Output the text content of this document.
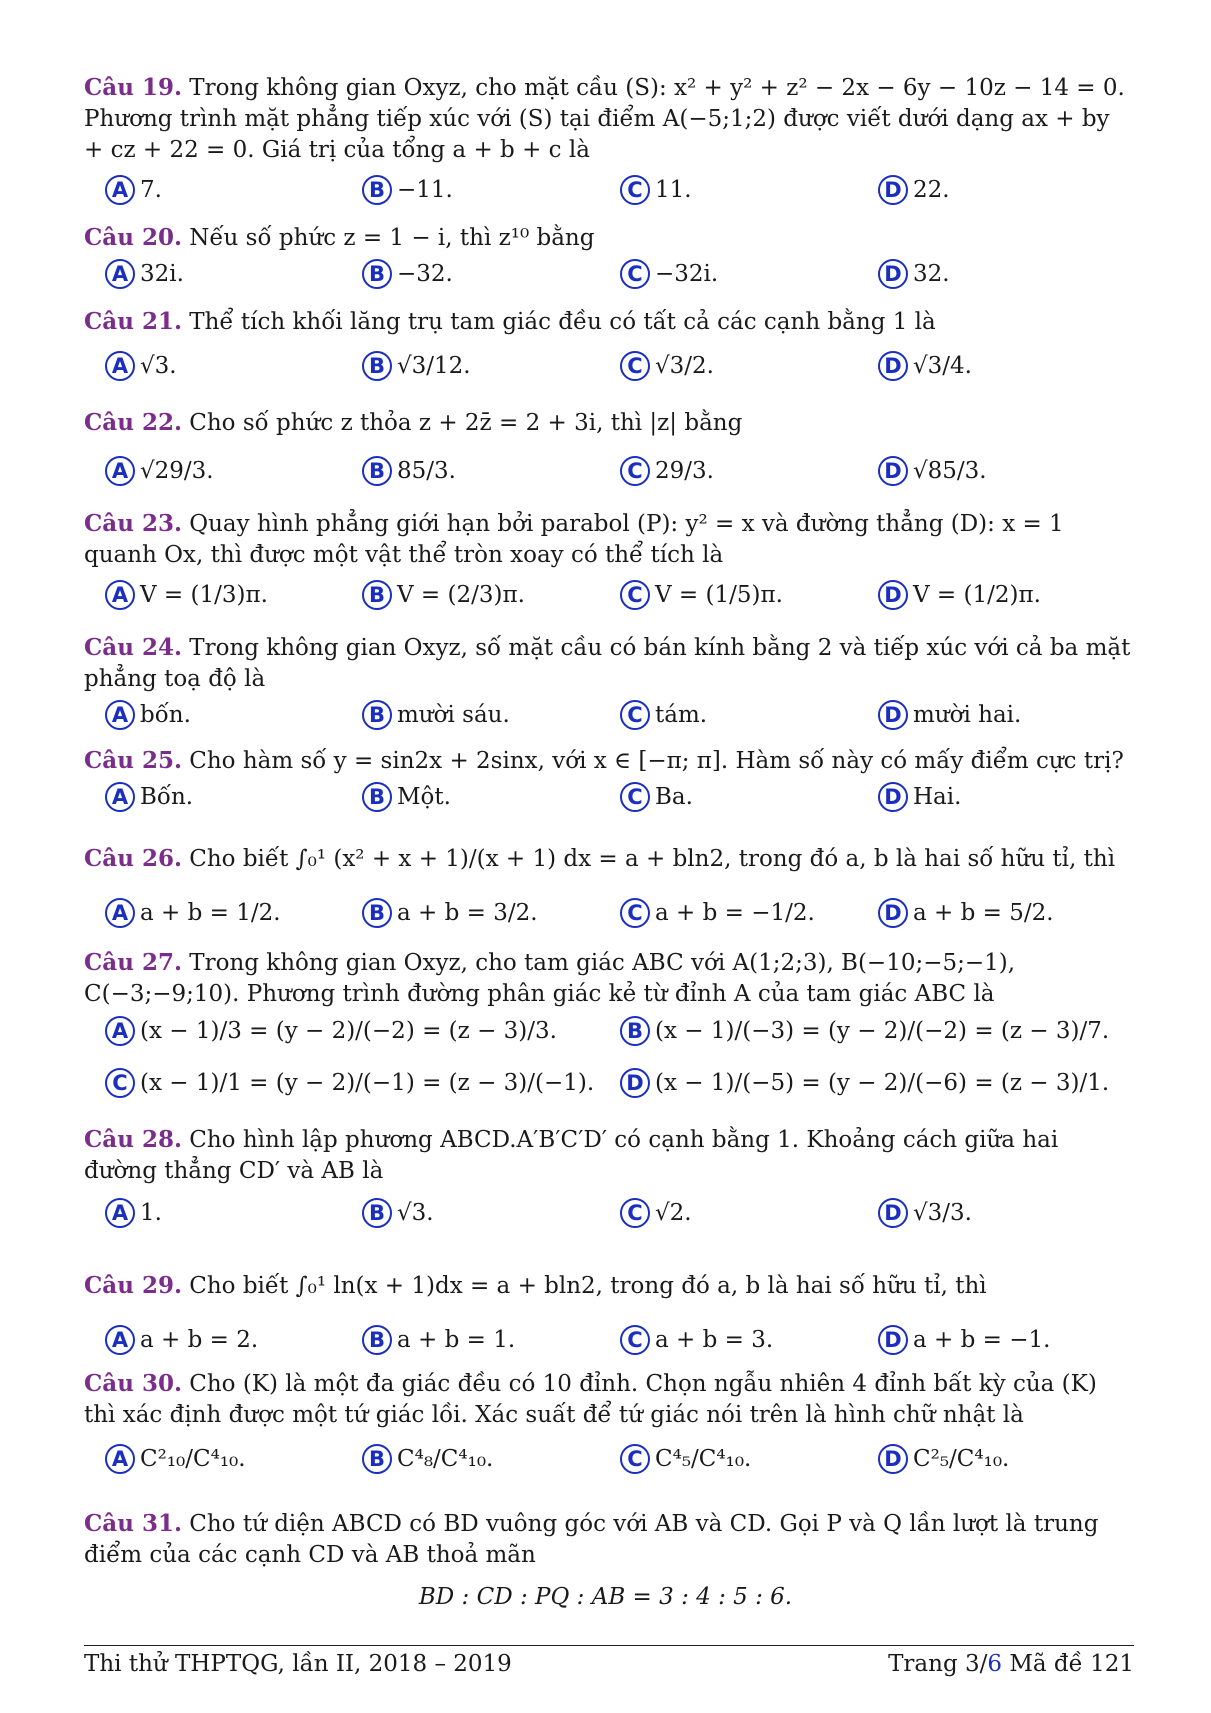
Câu 19. Trong không gian Oxyz, cho mặt cầu (S): x² + y² + z² − 2x − 6y − 10z − 14 = 0. Phương trình mặt phẳng tiếp xúc với (S) tại điểm A(−5;1;2) được viết dưới dạng ax + by + cz + 22 = 0. Giá trị của tổng a + b + c là
A 7.	B −11.	C 11.	D 22.
Câu 20. Nếu số phức z = 1 − i, thì z¹⁰ bằng
A 32i.	B −32.	C −32i.	D 32.
Câu 21. Thể tích khối lăng trụ tam giác đều có tất cả các cạnh bằng 1 là
A √3.	B √3/12.	C √3/2.	D √3/4.
Câu 22. Cho số phức z thỏa z + 2z̄ = 2 + 3i, thì |z| bằng
A √29/3.	B 85/3.	C 29/3.	D √85/3.
Câu 23. Quay hình phẳng giới hạn bởi parabol (P): y² = x và đường thẳng (D): x = 1 quanh Ox, thì được một vật thể tròn xoay có thể tích là
A V = (1/3)π.	B V = (2/3)π.	C V = (1/5)π.	D V = (1/2)π.
Câu 24. Trong không gian Oxyz, số mặt cầu có bán kính bằng 2 và tiếp xúc với cả ba mặt phẳng toạ độ là
A bốn.	B mười sáu.	C tám.	D mười hai.
Câu 25. Cho hàm số y = sin2x + 2sinx, với x ∈ [−π; π]. Hàm số này có mấy điểm cực trị?
A Bốn.	B Một.	C Ba.	D Hai.
Câu 26. Cho biết ∫₀¹ (x² + x + 1)/(x + 1) dx = a + bln2, trong đó a, b là hai số hữu tỉ, thì
A a + b = 1/2.	B a + b = 3/2.	C a + b = −1/2.	D a + b = 5/2.
Câu 27. Trong không gian Oxyz, cho tam giác ABC với A(1;2;3), B(−10;−5;−1), C(−3;−9;10). Phương trình đường phân giác kẻ từ đỉnh A của tam giác ABC là
A (x − 1)/3 = (y − 2)/(−2) = (z − 3)/3.	B (x − 1)/(−3) = (y − 2)/(−2) = (z − 3)/7.
C (x − 1)/1 = (y − 2)/(−1) = (z − 3)/(−1). D (x − 1)/(−5) = (y − 2)/(−6) = (z − 3)/1.
Câu 28. Cho hình lập phương ABCD.A′B′C′D′ có cạnh bằng 1. Khoảng cách giữa hai đường thẳng CD′ và AB là
A 1.	B √3.	C √2.	D √3/3.
Câu 29. Cho biết ∫₀¹ ln(x + 1)dx = a + bln2, trong đó a, b là hai số hữu tỉ, thì
A a + b = 2.	B a + b = 1.	C a + b = 3.	D a + b = −1.
Câu 30. Cho (K) là một đa giác đều có 10 đỉnh. Chọn ngẫu nhiên 4 đỉnh bất kỳ của (K) thì xác định được một tứ giác lồi. Xác suất để tứ giác nói trên là hình chữ nhật là
A C²₁₀/C⁴₁₀.	B C⁴₈/C⁴₁₀.	C C⁴₅/C⁴₁₀.	D C²₅/C⁴₁₀.
Câu 31. Cho tứ diện ABCD có BD vuông góc với AB và CD. Gọi P và Q lần lượt là trung điểm của các cạnh CD và AB thoả mãn
BD : CD : PQ : AB = 3 : 4 : 5 : 6.
Thi thử THPTQG, lần II, 2018 – 2019	Trang 3/6 Mã đề 121
